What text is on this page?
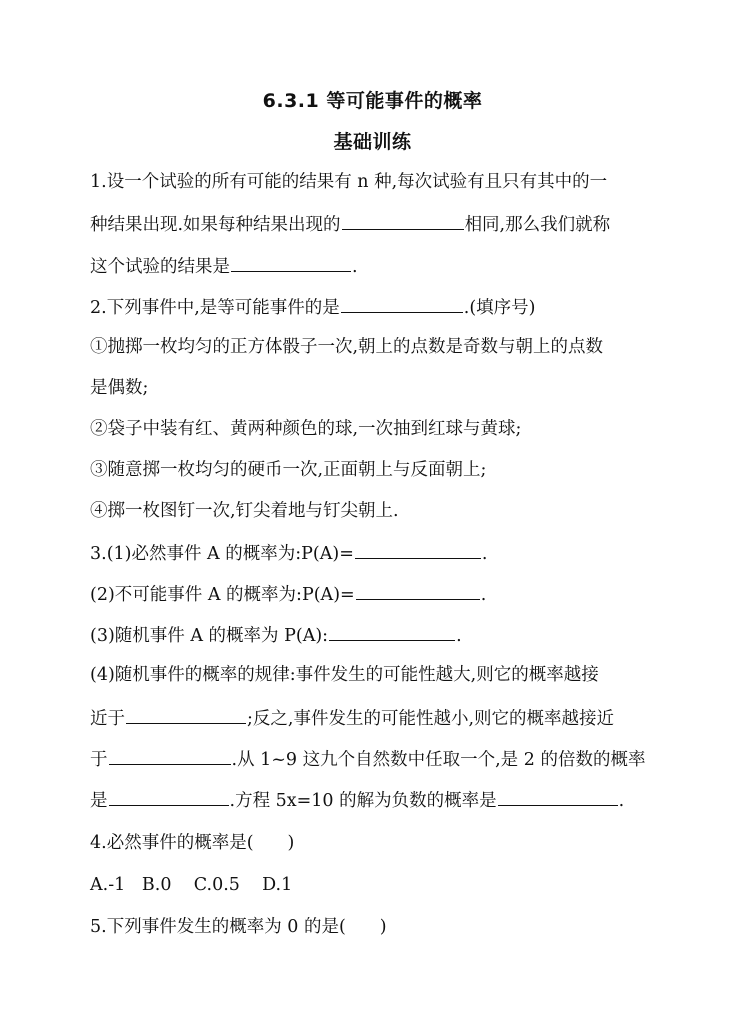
6.3.1 等可能事件的概率
基础训练
1.设一个试验的所有可能的结果有 n 种,每次试验有且只有其中的一
种结果出现.如果每种结果出现的	相同,那么我们就称
这个试验的结果是	.
2.下列事件中,是等可能事件的是	.(填序号)
①抛掷一枚均匀的正方体骰子一次,朝上的点数是奇数与朝上的点数
是偶数;
②袋子中装有红、黄两种颜色的球,一次抽到红球与黄球;
③随意掷一枚均匀的硬币一次,正面朝上与反面朝上;
④掷一枚图钉一次,钉尖着地与钉尖朝上.
3.(1)必然事件 A 的概率为:P(A)=	.
(2)不可能事件 A 的概率为:P(A)=	.
(3)随机事件 A 的概率为 P(A):	.
(4)随机事件的概率的规律:事件发生的可能性越大,则它的概率越接
近于	;反之,事件发生的可能性越小,则它的概率越接近
于	.从 1~9 这九个自然数中任取一个,是 2 的倍数的概率
是	.方程 5x=10 的解为负数的概率是	.
4.必然事件的概率是( )
A.-1   B.0    C.0.5    D.1
5.下列事件发生的概率为 0 的是( )
